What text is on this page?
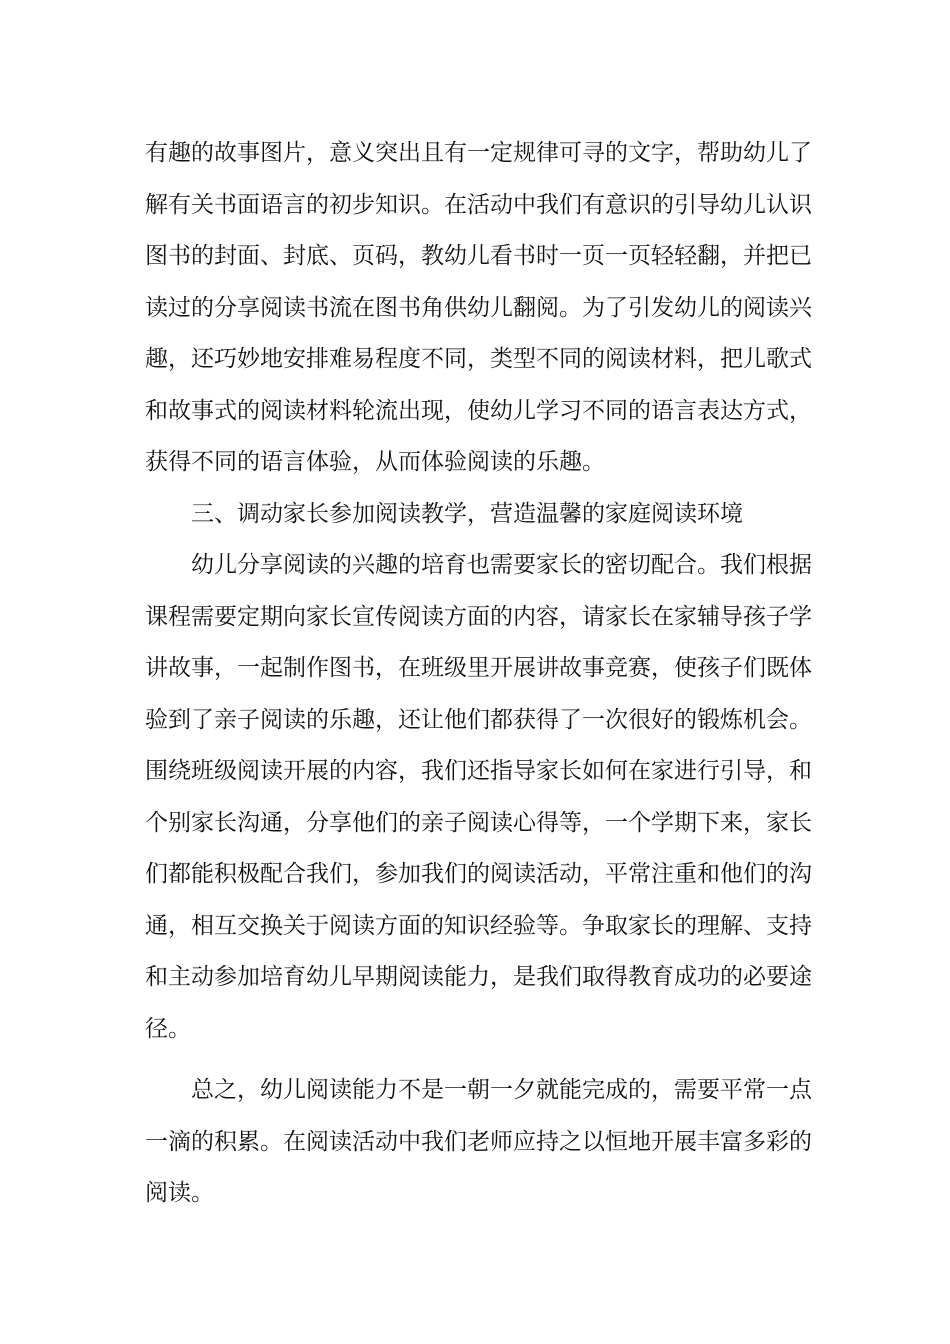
有趣的故事图片，意义突出且有一定规律可寻的文字，帮助幼儿了
解有关书面语言的初步知识。在活动中我们有意识的引导幼儿认识
图书的封面、封底、页码，教幼儿看书时一页一页轻轻翻，并把已
读过的分享阅读书流在图书角供幼儿翻阅。为了引发幼儿的阅读兴
趣，还巧妙地安排难易程度不同，类型不同的阅读材料，把儿歌式
和故事式的阅读材料轮流出现，使幼儿学习不同的语言表达方式，
获得不同的语言体验，从而体验阅读的乐趣。
三、调动家长参加阅读教学，营造温馨的家庭阅读环境
幼儿分享阅读的兴趣的培育也需要家长的密切配合。我们根据
课程需要定期向家长宣传阅读方面的内容，请家长在家辅导孩子学
讲故事，一起制作图书，在班级里开展讲故事竞赛，使孩子们既体
验到了亲子阅读的乐趣，还让他们都获得了一次很好的锻炼机会。
围绕班级阅读开展的内容，我们还指导家长如何在家进行引导，和
个别家长沟通，分享他们的亲子阅读心得等，一个学期下来，家长
们都能积极配合我们，参加我们的阅读活动，平常注重和他们的沟
通，相互交换关于阅读方面的知识经验等。争取家长的理解、支持
和主动参加培育幼儿早期阅读能力，是我们取得教育成功的必要途
径。
总之，幼儿阅读能力不是一朝一夕就能完成的，需要平常一点
一滴的积累。在阅读活动中我们老师应持之以恒地开展丰富多彩的
阅读。
